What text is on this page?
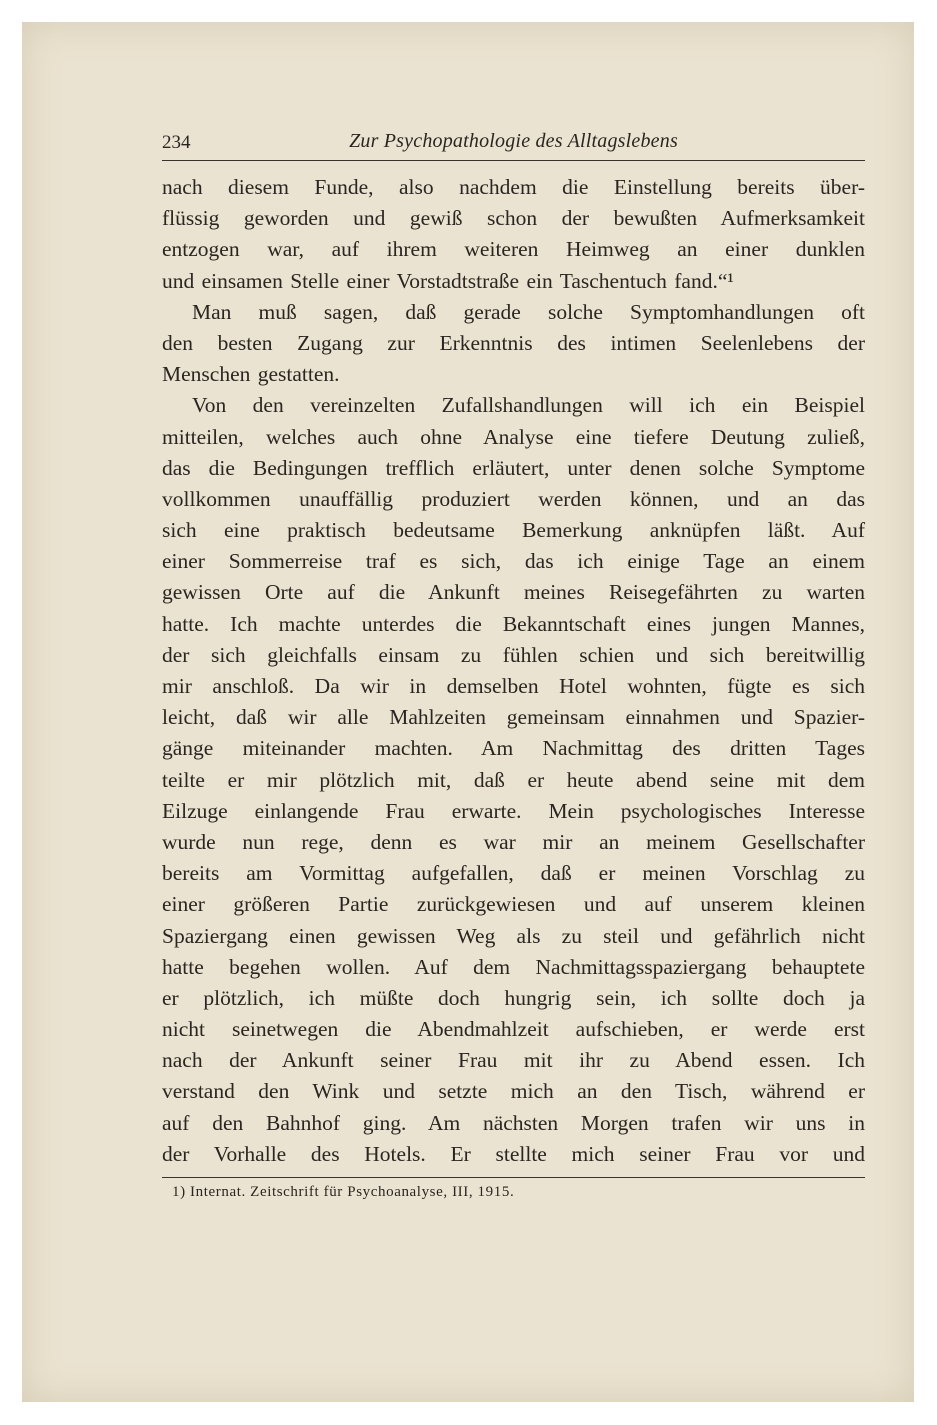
234	Zur Psychopathologie des Alltagslebens
nach diesem Funde, also nachdem die Einstellung bereits über-
flüssig geworden und gewiß schon der bewußten Aufmerksamkeit
entzogen war, auf ihrem weiteren Heimweg an einer dunklen
und einsamen Stelle einer Vorstadtstraße ein Taschentuch fand.“¹
Man muß sagen, daß gerade solche Symptomhandlungen oft
den besten Zugang zur Erkenntnis des intimen Seelenlebens der
Menschen gestatten.
Von den vereinzelten Zufallshandlungen will ich ein Beispiel
mitteilen, welches auch ohne Analyse eine tiefere Deutung zuließ,
das die Bedingungen trefflich erläutert, unter denen solche Symptome
vollkommen unauffällig produziert werden können, und an das
sich eine praktisch bedeutsame Bemerkung anknüpfen läßt. Auf
einer Sommerreise traf es sich, das ich einige Tage an einem
gewissen Orte auf die Ankunft meines Reisegefährten zu warten
hatte. Ich machte unterdes die Bekanntschaft eines jungen Mannes,
der sich gleichfalls einsam zu fühlen schien und sich bereitwillig
mir anschloß. Da wir in demselben Hotel wohnten, fügte es sich
leicht, daß wir alle Mahlzeiten gemeinsam einnahmen und Spazier-
gänge miteinander machten. Am Nachmittag des dritten Tages
teilte er mir plötzlich mit, daß er heute abend seine mit dem
Eilzuge einlangende Frau erwarte. Mein psychologisches Interesse
wurde nun rege, denn es war mir an meinem Gesellschafter
bereits am Vormittag aufgefallen, daß er meinen Vorschlag zu
einer größeren Partie zurückgewiesen und auf unserem kleinen
Spaziergang einen gewissen Weg als zu steil und gefährlich nicht
hatte begehen wollen. Auf dem Nachmittagsspaziergang behauptete
er plötzlich, ich müßte doch hungrig sein, ich sollte doch ja
nicht seinetwegen die Abendmahlzeit aufschieben, er werde erst
nach der Ankunft seiner Frau mit ihr zu Abend essen. Ich
verstand den Wink und setzte mich an den Tisch, während er
auf den Bahnhof ging. Am nächsten Morgen trafen wir uns in
der Vorhalle des Hotels. Er stellte mich seiner Frau vor und
1) Internat. Zeitschrift für Psychoanalyse, III, 1915.
